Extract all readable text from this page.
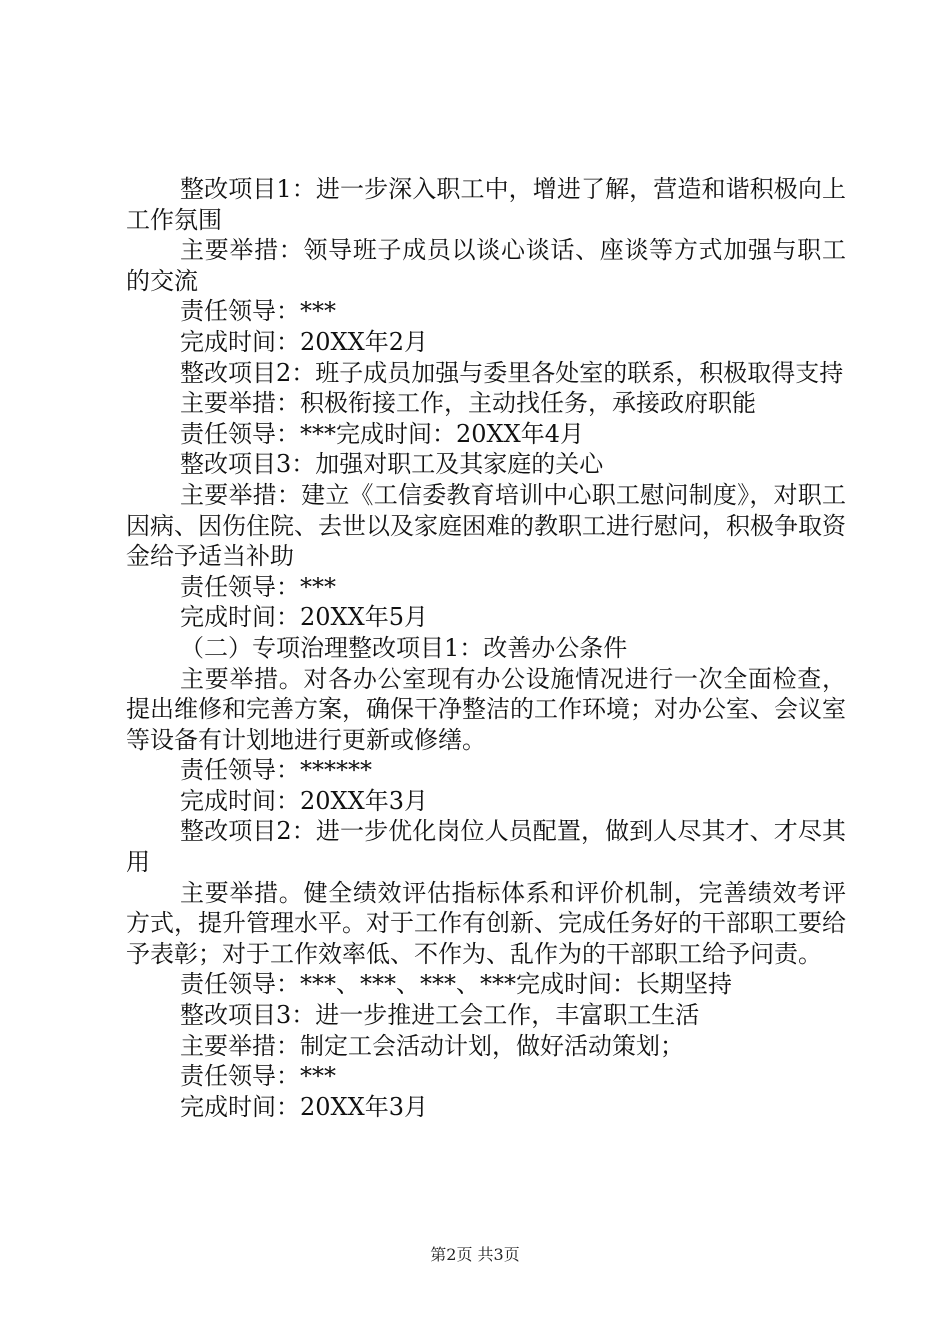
整改项目1：进一步深入职工中，增进了解，营造和谐积极向上工作氛围

主要举措：领导班子成员以谈心谈话、座谈等方式加强与职工的交流

责任领导：***

完成时间：20XX年2月

整改项目2：班子成员加强与委里各处室的联系，积极取得支持

主要举措：积极衔接工作，主动找任务，承接政府职能

责任领导：***完成时间：20XX年4月

整改项目3：加强对职工及其家庭的关心

主要举措：建立《工信委教育培训中心职工慰问制度》，对职工因病、因伤住院、去世以及家庭困难的教职工进行慰问，积极争取资金给予适当补助

责任领导：***

完成时间：20XX年5月

（二）专项治理整改项目1：改善办公条件

主要举措。对各办公室现有办公设施情况进行一次全面检查，提出维修和完善方案，确保干净整洁的工作环境；对办公室、会议室等设备有计划地进行更新或修缮。

责任领导：******

完成时间：20XX年3月

整改项目2：进一步优化岗位人员配置，做到人尽其才、才尽其用

主要举措。健全绩效评估指标体系和评价机制，完善绩效考评方式，提升管理水平。对于工作有创新、完成任务好的干部职工要给予表彰；对于工作效率低、不作为、乱作为的干部职工给予问责。

责任领导：***、***、***、***完成时间：长期坚持

整改项目3：进一步推进工会工作，丰富职工生活

主要举措：制定工会活动计划，做好活动策划；

责任领导：***

完成时间：20XX年3月

第2页 共3页
